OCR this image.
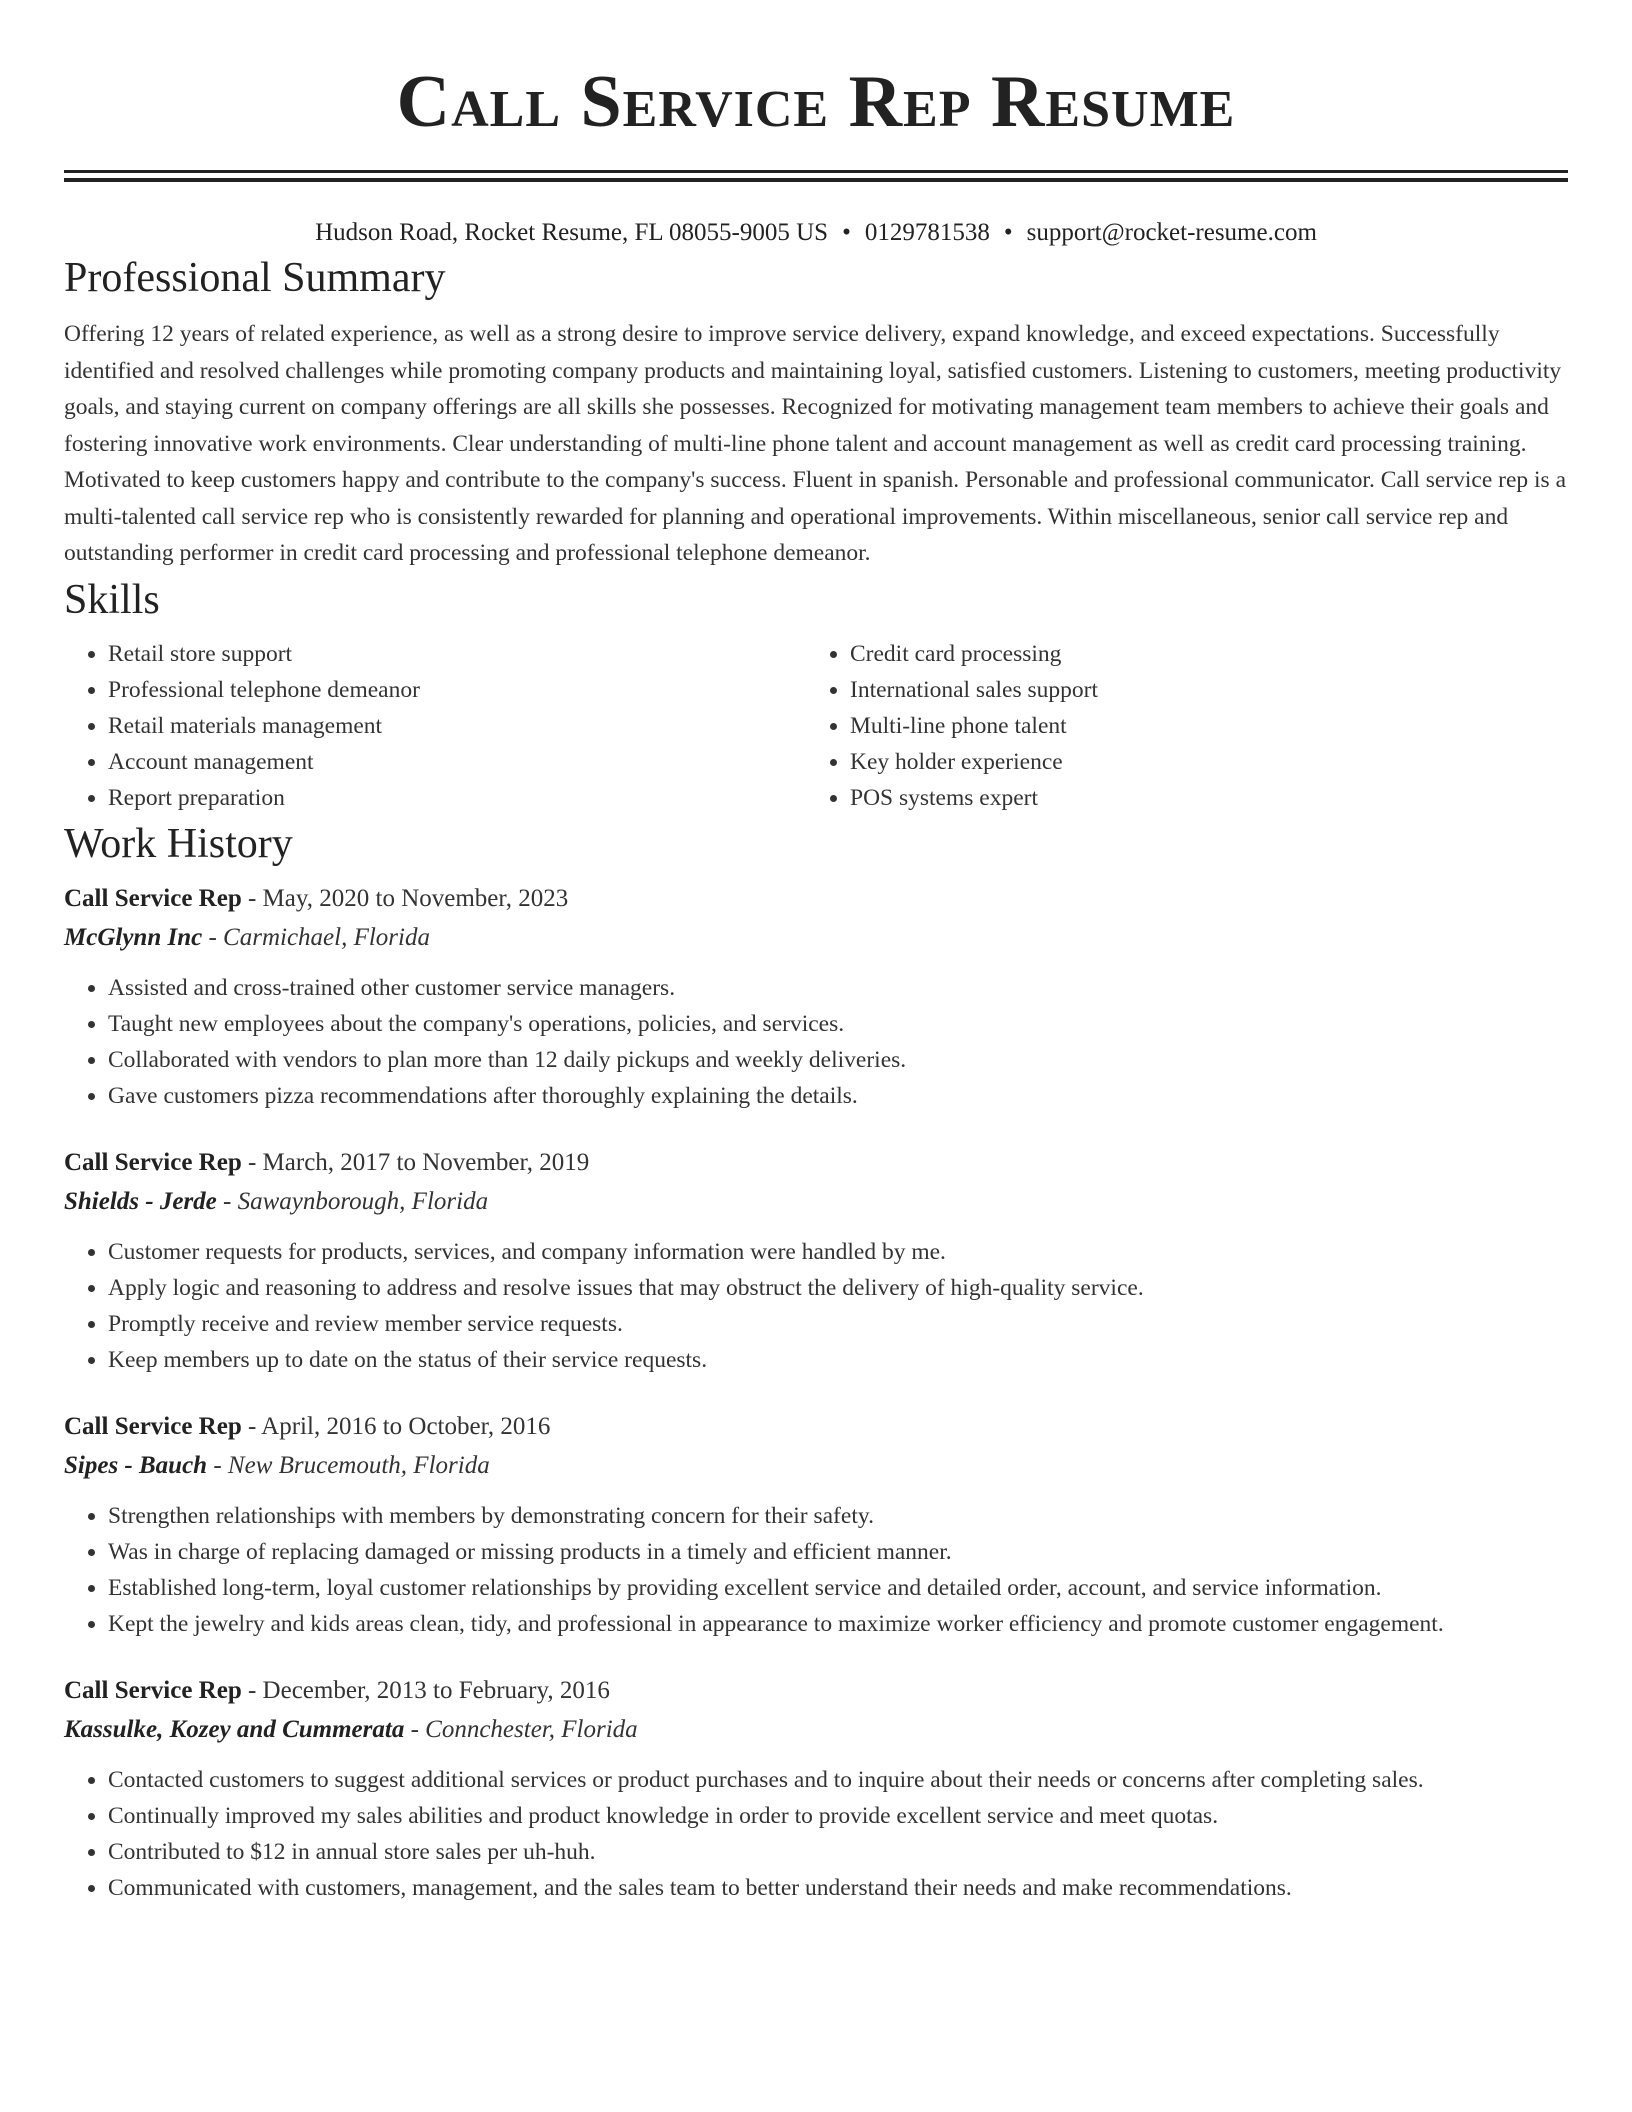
Call Service Rep Resume
Hudson Road, Rocket Resume, FL 08055-9005 US • 0129781538 • support@rocket-resume.com
Professional Summary

Offering 12 years of related experience, as well as a strong desire to improve service delivery, expand knowledge, and exceed expectations. Successfully identified and resolved challenges while promoting company products and maintaining loyal, satisfied customers. Listening to customers, meeting productivity goals, and staying current on company offerings are all skills she possesses. Recognized for motivating management team members to achieve their goals and fostering innovative work environments. Clear understanding of multi-line phone talent and account management as well as credit card processing training. Motivated to keep customers happy and contribute to the company's success. Fluent in spanish. Personable and professional communicator. Call service rep is a multi-talented call service rep who is consistently rewarded for planning and operational improvements. Within miscellaneous, senior call service rep and outstanding performer in credit card processing and professional telephone demeanor.

Skills
• Retail store support
• Professional telephone demeanor
• Retail materials management
• Account management
• Report preparation
• Credit card processing
• International sales support
• Multi-line phone talent
• Key holder experience
• POS systems expert
Work History
Call Service Rep - May, 2020 to November, 2023
McGlynn Inc - Carmichael, Florida
• Assisted and cross-trained other customer service managers.
• Taught new employees about the company's operations, policies, and services.
• Collaborated with vendors to plan more than 12 daily pickups and weekly deliveries.
• Gave customers pizza recommendations after thoroughly explaining the details.
Call Service Rep - March, 2017 to November, 2019
Shields - Jerde - Sawaynborough, Florida
• Customer requests for products, services, and company information were handled by me.
• Apply logic and reasoning to address and resolve issues that may obstruct the delivery of high-quality service.
• Promptly receive and review member service requests.
• Keep members up to date on the status of their service requests.
Call Service Rep - April, 2016 to October, 2016
Sipes - Bauch - New Brucemouth, Florida
• Strengthen relationships with members by demonstrating concern for their safety.
• Was in charge of replacing damaged or missing products in a timely and efficient manner.
• Established long-term, loyal customer relationships by providing excellent service and detailed order, account, and service information.
• Kept the jewelry and kids areas clean, tidy, and professional in appearance to maximize worker efficiency and promote customer engagement.
Call Service Rep - December, 2013 to February, 2016
Kassulke, Kozey and Cummerata - Connchester, Florida
• Contacted customers to suggest additional services or product purchases and to inquire about their needs or concerns after completing sales.
• Continually improved my sales abilities and product knowledge in order to provide excellent service and meet quotas.
• Contributed to $12 in annual store sales per uh-huh.
• Communicated with customers, management, and the sales team to better understand their needs and make recommendations.
